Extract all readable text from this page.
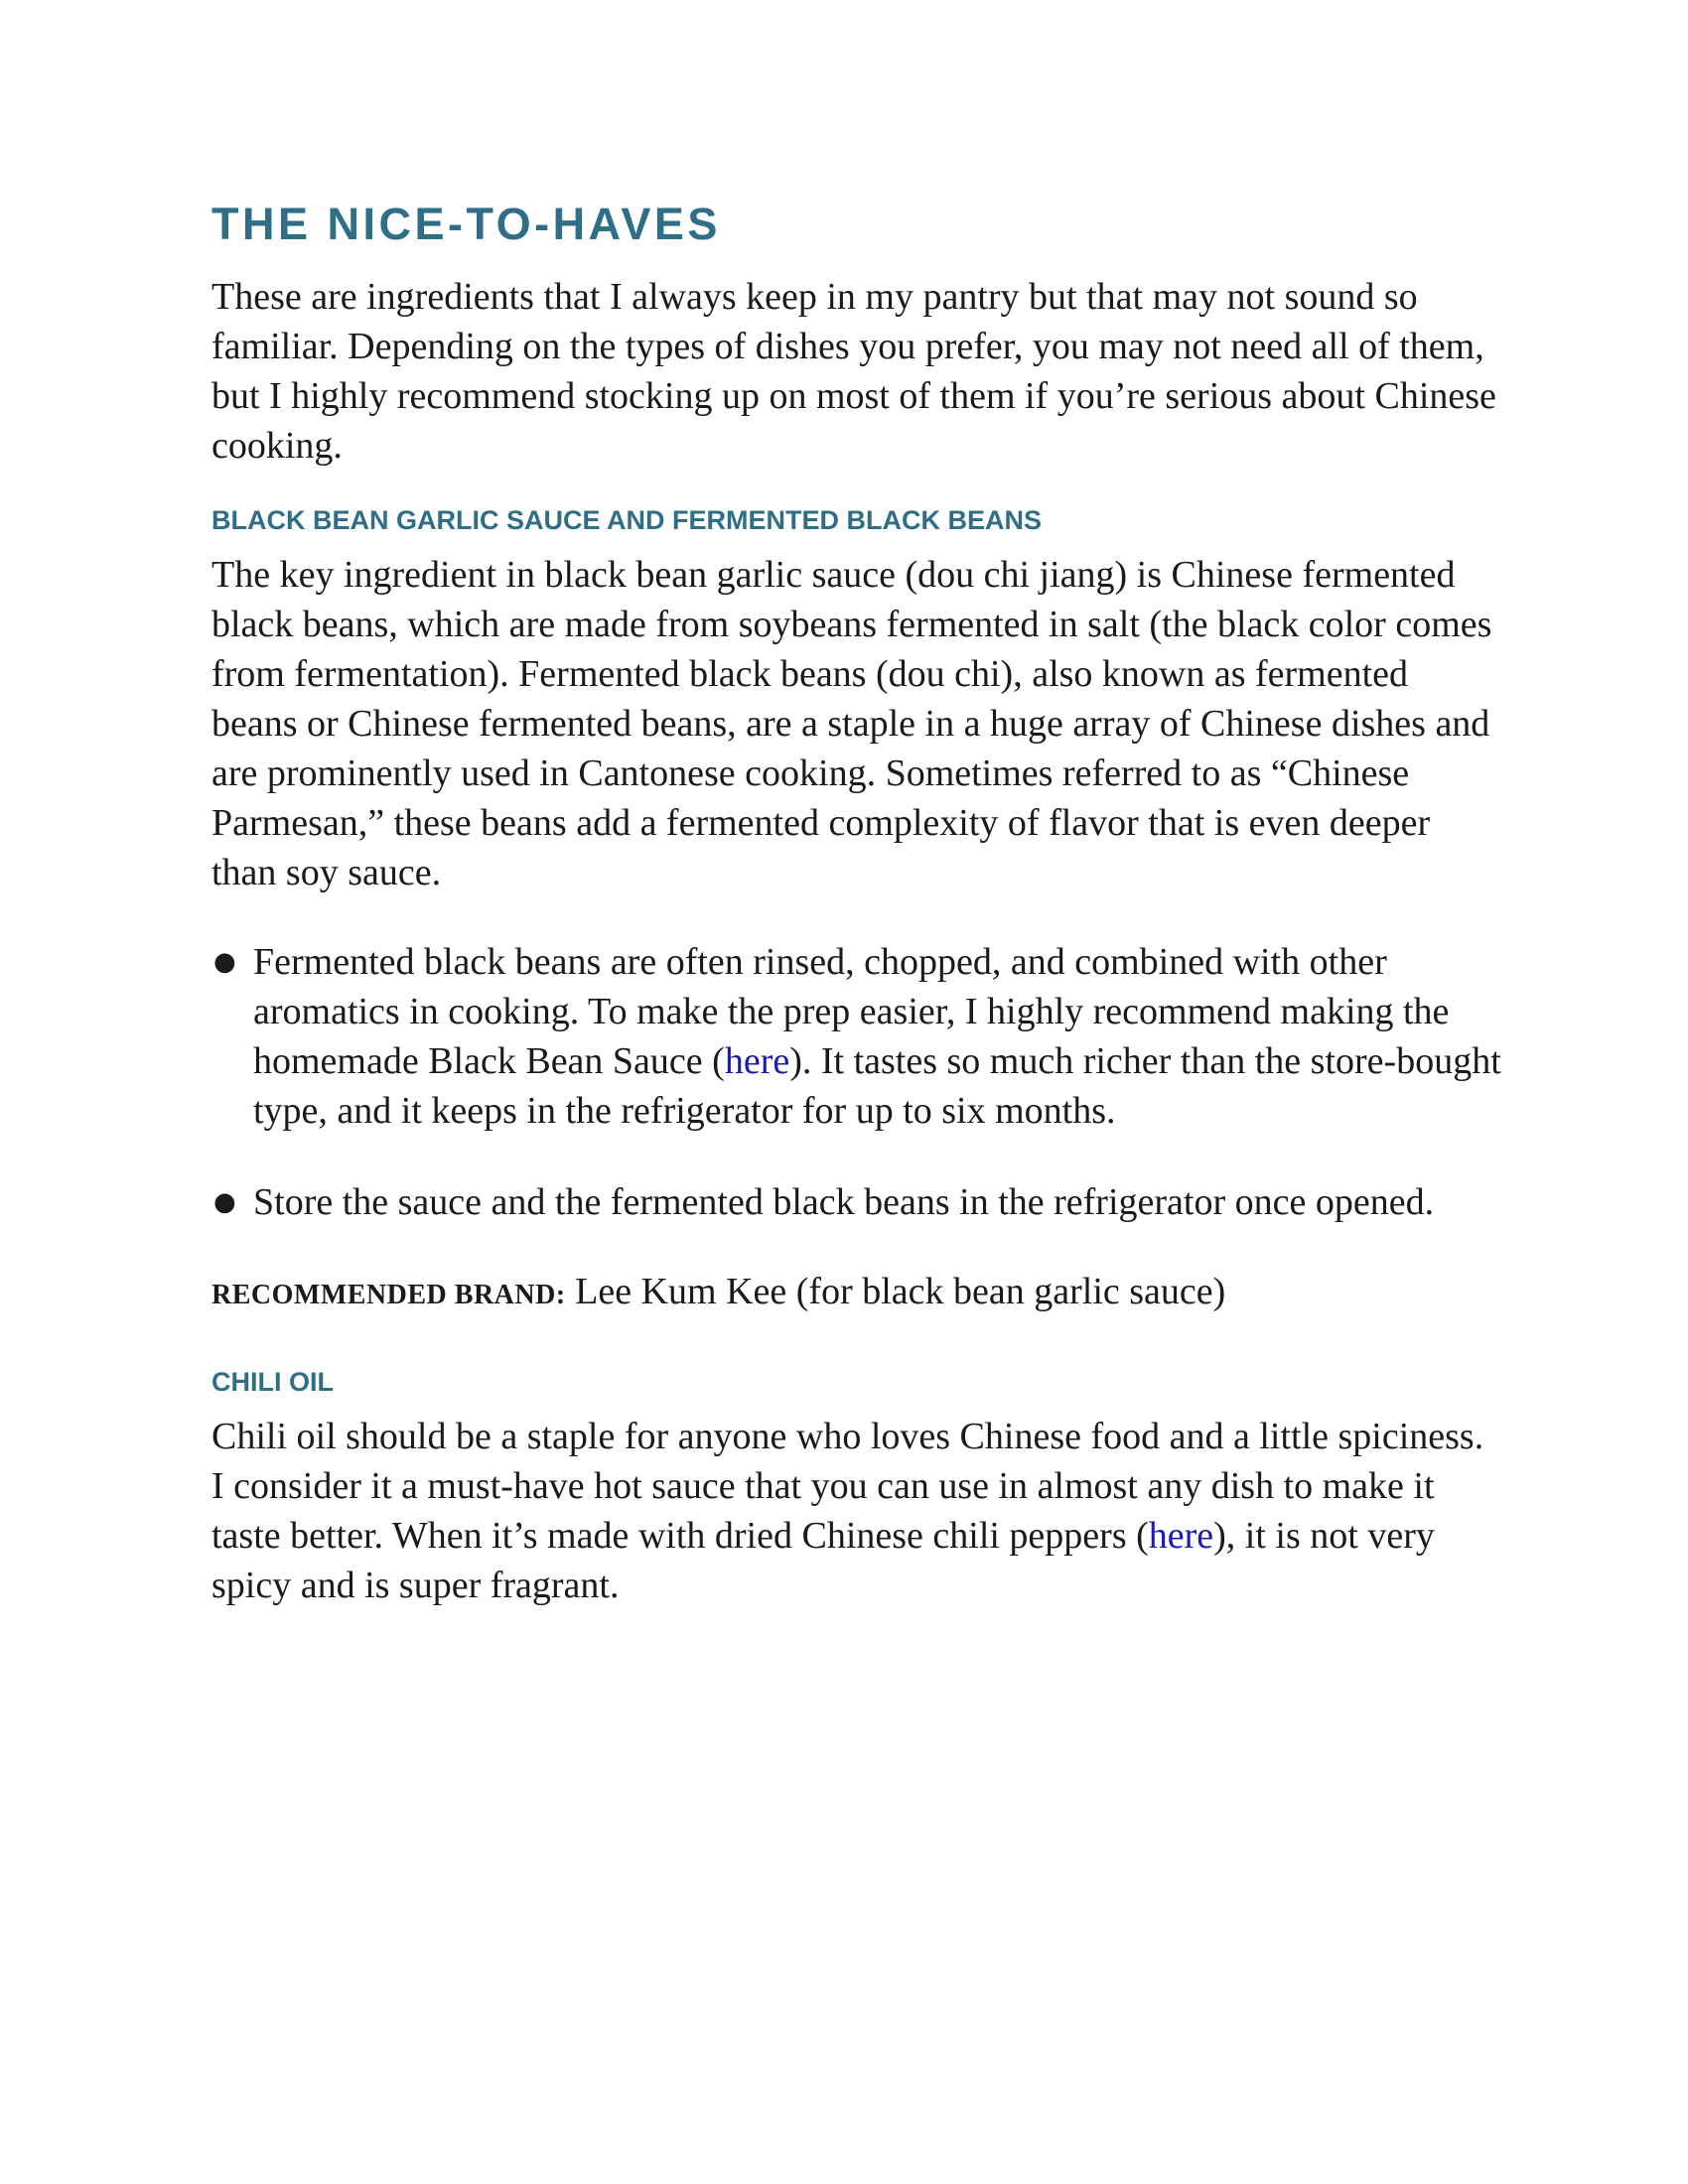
THE NICE-TO-HAVES

These are ingredients that I always keep in my pantry but that may not sound so familiar. Depending on the types of dishes you prefer, you may not need all of them, but I highly recommend stocking up on most of them if you’re serious about Chinese cooking.

BLACK BEAN GARLIC SAUCE AND FERMENTED BLACK BEANS

The key ingredient in black bean garlic sauce (dou chi jiang) is Chinese fermented black beans, which are made from soybeans fermented in salt (the black color comes from fermentation). Fermented black beans (dou chi), also known as fermented beans or Chinese fermented beans, are a staple in a huge array of Chinese dishes and are prominently used in Cantonese cooking. Sometimes referred to as “Chinese Parmesan,” these beans add a fermented complexity of flavor that is even deeper than soy sauce.

● Fermented black beans are often rinsed, chopped, and combined with other aromatics in cooking. To make the prep easier, I highly recommend making the homemade Black Bean Sauce (here). It tastes so much richer than the store-bought type, and it keeps in the refrigerator for up to six months.
● Store the sauce and the fermented black beans in the refrigerator once opened.

RECOMMENDED BRAND: Lee Kum Kee (for black bean garlic sauce)

CHILI OIL

Chili oil should be a staple for anyone who loves Chinese food and a little spiciness. I consider it a must-have hot sauce that you can use in almost any dish to make it taste better. When it’s made with dried Chinese chili peppers (here), it is not very spicy and is super fragrant.
